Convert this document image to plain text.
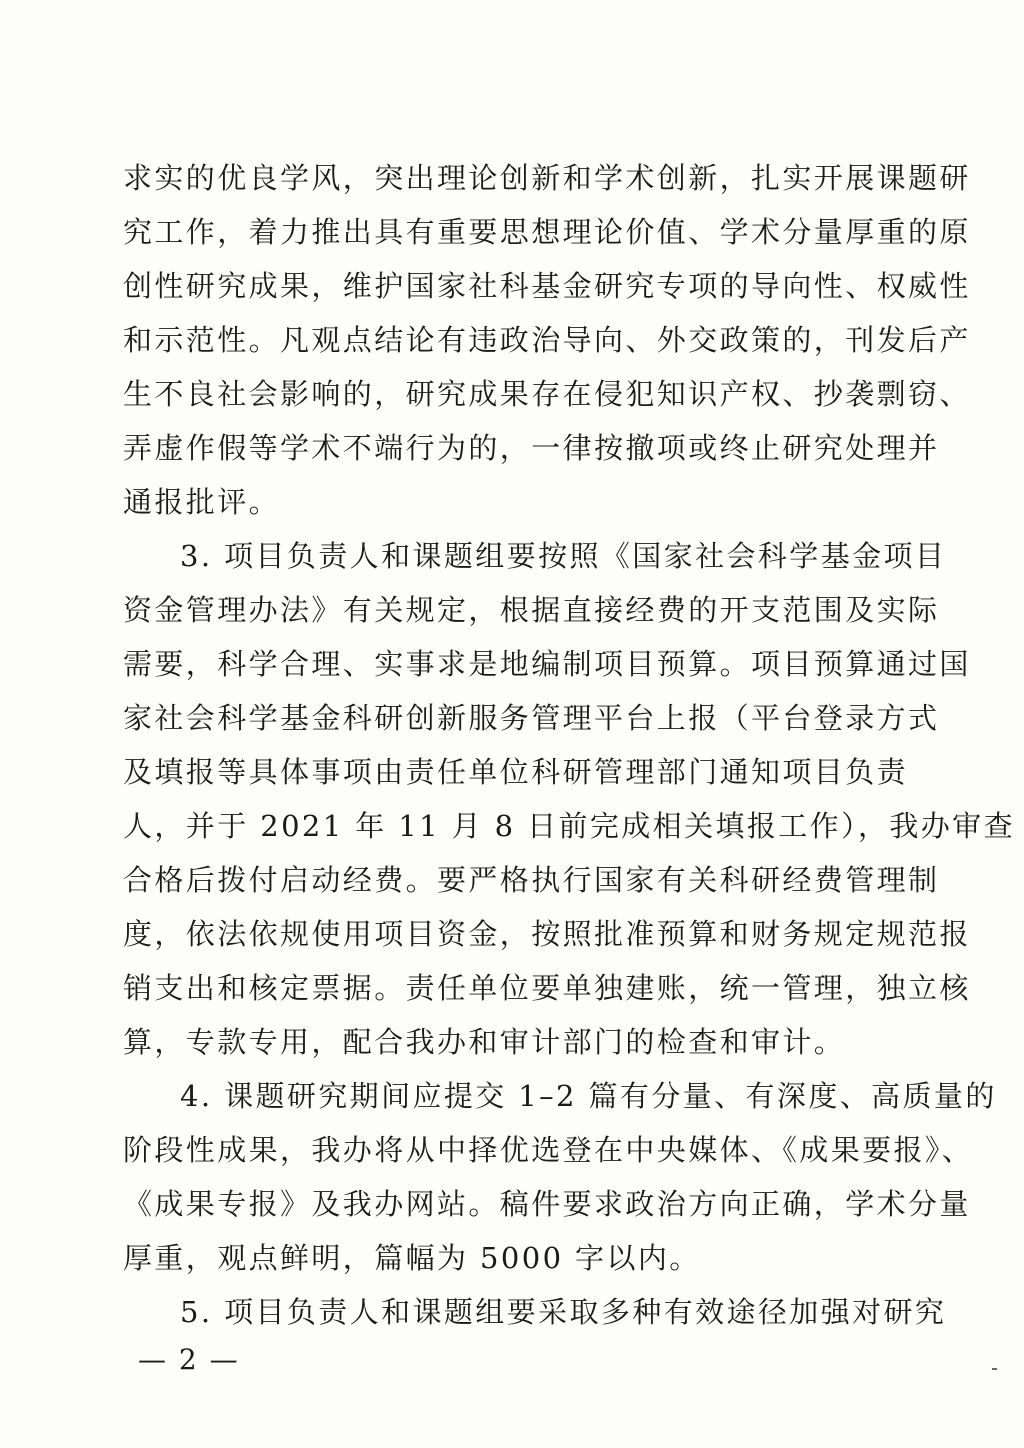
求实的优良学风，突出理论创新和学术创新，扎实开展课题研
究工作，着力推出具有重要思想理论价值、学术分量厚重的原
创性研究成果，维护国家社科基金研究专项的导向性、权威性
和示范性。凡观点结论有违政治导向、外交政策的，刊发后产
生不良社会影响的，研究成果存在侵犯知识产权、抄袭剽窃、
弄虚作假等学术不端行为的，一律按撤项或终止研究处理并
通报批评。
3. 项目负责人和课题组要按照《国家社会科学基金项目
资金管理办法》有关规定，根据直接经费的开支范围及实际
需要，科学合理、实事求是地编制项目预算。项目预算通过国
家社会科学基金科研创新服务管理平台上报（平台登录方式
及填报等具体事项由责任单位科研管理部门通知项目负责
人，并于 2021 年 11 月 8 日前完成相关填报工作），我办审查
合格后拨付启动经费。要严格执行国家有关科研经费管理制
度，依法依规使用项目资金，按照批准预算和财务规定规范报
销支出和核定票据。责任单位要单独建账，统一管理，独立核
算，专款专用，配合我办和审计部门的检查和审计。
4. 课题研究期间应提交 1–2 篇有分量、有深度、高质量的
阶段性成果，我办将从中择优选登在中央媒体、《成果要报》、
《成果专报》及我办网站。稿件要求政治方向正确，学术分量
厚重，观点鲜明，篇幅为 5000 字以内。
5. 项目负责人和课题组要采取多种有效途径加强对研究
— 2 —
